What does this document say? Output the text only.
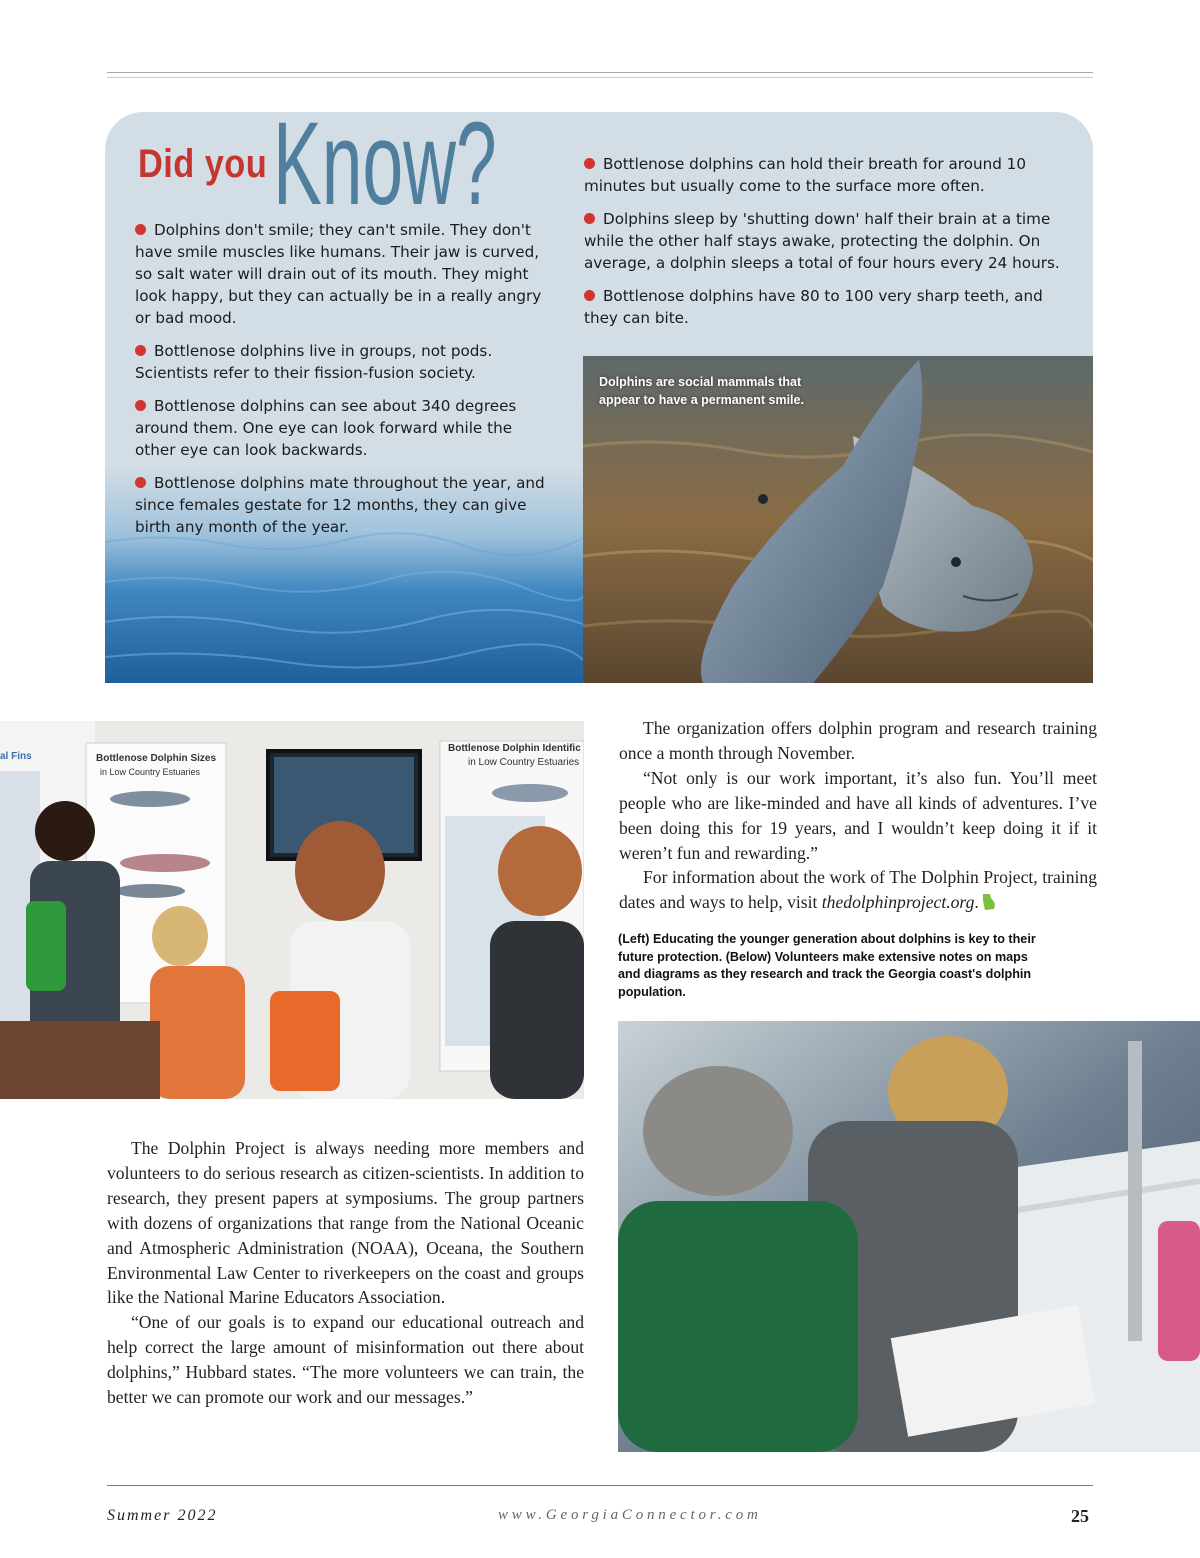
Did you Know?

Dolphins don't smile; they can't smile. They don't have smile muscles like humans. Their jaw is curved, so salt water will drain out of its mouth. They might look happy, but they can actually be in a really angry or bad mood.

Bottlenose dolphins live in groups, not pods. Scientists refer to their fission-fusion society.

Bottlenose dolphins can see about 340 degrees around them. One eye can look forward while the other eye can look backwards.

Bottlenose dolphins mate throughout the year, and since females gestate for 12 months, they can give birth any month of the year.

Bottlenose dolphins can hold their breath for around 10 minutes but usually come to the surface more often.

Dolphins sleep by 'shutting down' half their brain at a time while the other half stays awake, protecting the dolphin. On average, a dolphin sleeps a total of four hours every 24 hours.

Bottlenose dolphins have 80 to 100 very sharp teeth, and they can bite.

Dolphins are social mammals that appear to have a permanent smile.
Bottlenose Dolphin Sizes
in Low Country Estuaries
al Fins
Bottlenose Dolphin Identific
in Low Country Estuaries

The organization offers dolphin program and research training once a month through November.

“Not only is our work important, it’s also fun. You’ll meet people who are like-minded and have all kinds of adventures. I’ve been doing this for 19 years, and I wouldn’t keep doing it if it weren’t fun and rewarding.”

For information about the work of The Dolphin Project, training dates and ways to help, visit thedolphinproject.org.

(Left) Educating the younger generation about dolphins is key to their future protection. (Below) Volunteers make extensive notes on maps and diagrams as they research and track the Georgia coast's dolphin population.

The Dolphin Project is always needing more members and volunteers to do serious research as citizen-scientists. In addition to research, they present papers at symposiums. The group partners with dozens of organizations that range from the National Oceanic and Atmospheric Administration (NOAA), Oceana, the Southern Environmental Law Center to riverkeepers on the coast and groups like the National Marine Educators Association.

“One of our goals is to expand our educational outreach and help correct the large amount of misinformation out there about dolphins,” Hubbard states. “The more volunteers we can train, the better we can promote our work and our messages.”

Summer 2022	www.GeorgiaConnector.com	25
